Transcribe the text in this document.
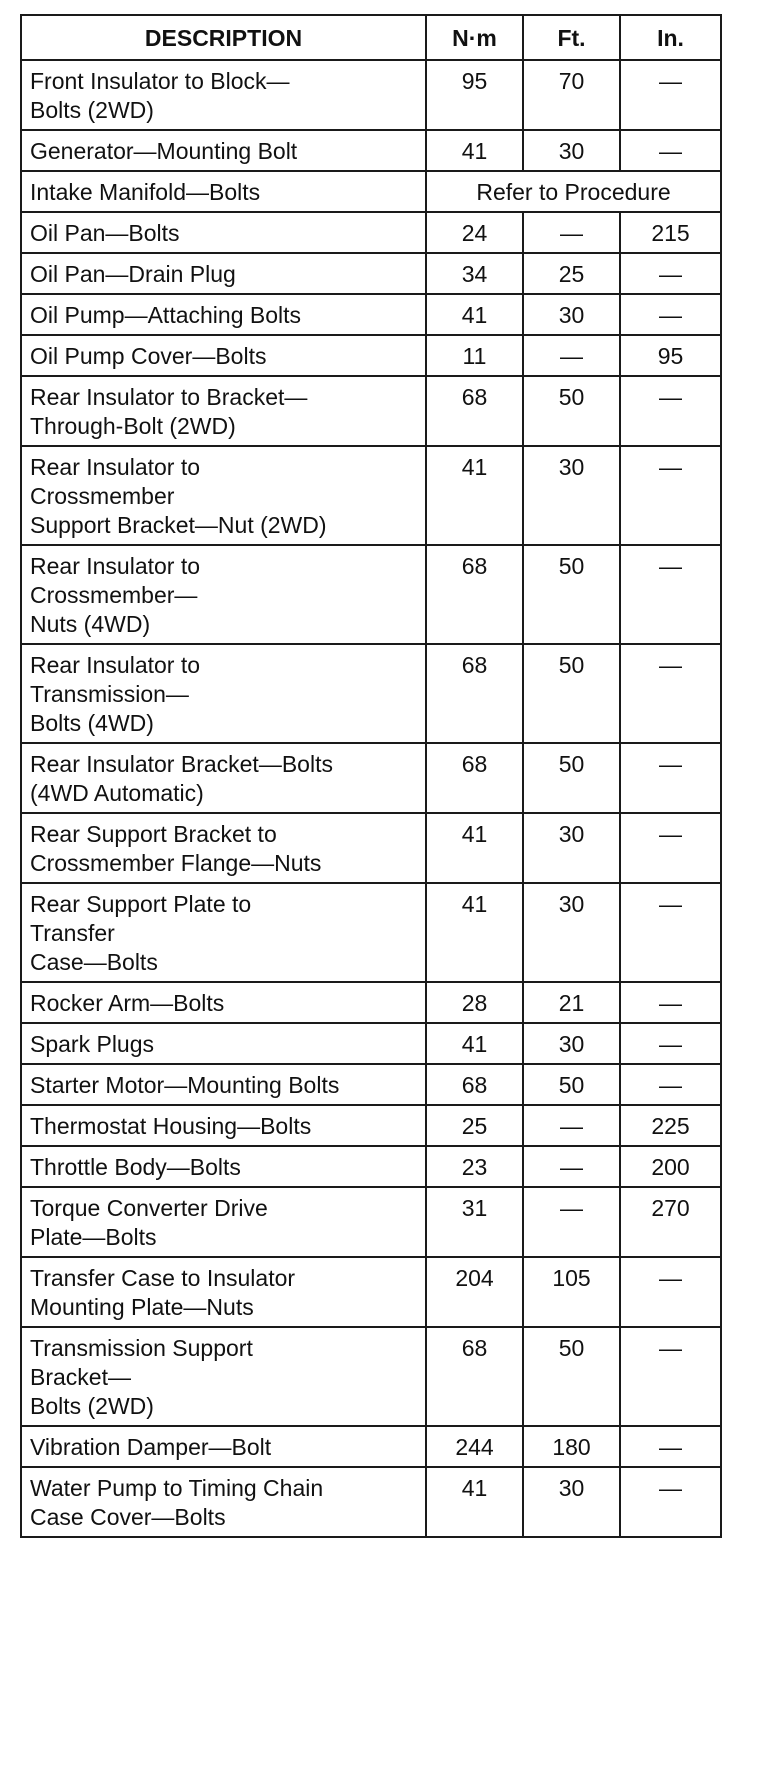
DESCRIPTION	N·m	Ft.	In.

Front Insulator to Block—
Bolts (2WD)	95	70	—

Generator—Mounting Bolt	41	30	—

Intake Manifold—Bolts	Refer to Procedure		

Oil Pan—Bolts	24	—	215

Oil Pan—Drain Plug	34	25	—

Oil Pump—Attaching Bolts	41	30	—

Oil Pump Cover—Bolts	11	—	95

Rear Insulator to Bracket—
Through-Bolt (2WD)	68	50	—

Rear Insulator to
Crossmember
Support Bracket—Nut (2WD)	41	30	—

Rear Insulator to
Crossmember—
Nuts (4WD)	68	50	—

Rear Insulator to
Transmission—
Bolts (4WD)	68	50	—

Rear Insulator Bracket—Bolts
(4WD Automatic)	68	50	—

Rear Support Bracket to
Crossmember Flange—Nuts	41	30	—

Rear Support Plate to
Transfer
Case—Bolts	41	30	—

Rocker Arm—Bolts	28	21	—

Spark Plugs	41	30	—

Starter Motor—Mounting Bolts	68	50	—

Thermostat Housing—Bolts	25	—	225

Throttle Body—Bolts	23	—	200

Torque Converter Drive
Plate—Bolts	31	—	270

Transfer Case to Insulator
Mounting Plate—Nuts	204	105	—

Transmission Support
Bracket—
Bolts (2WD)	68	50	—

Vibration Damper—Bolt	244	180	—

Water Pump to Timing Chain
Case Cover—Bolts	41	30	—
